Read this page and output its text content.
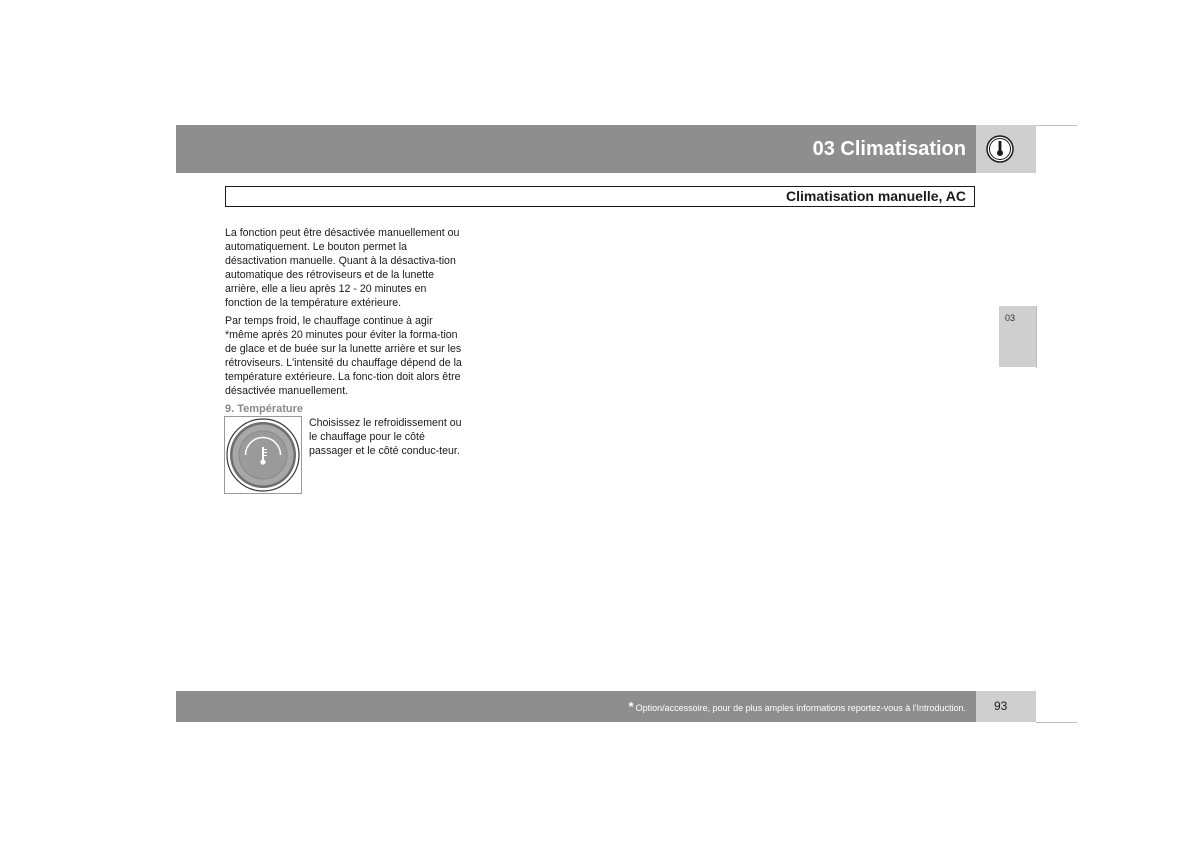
03 Climatisation
Climatisation manuelle, AC

La fonction peut être désactivée manuellement ou automatiquement. Le bouton permet la désactivation manuelle. Quant à la désactiva-tion automatique des rétroviseurs et de la lunette arrière, elle a lieu après 12 - 20 minutes en fonction de la température extérieure.

Par temps froid, le chauffage continue à agir *même après 20 minutes pour éviter la forma-tion de glace et de buée sur la lunette arrière et sur les rétroviseurs. L'intensité du chauffage dépend de la température extérieure. La fonc-tion doit alors être désactivée manuellement.

9. Température

Choisissez le refroidissement ou le chauffage pour le côté passager et le côté conduc-teur.

03
* Option/accessoire, pour de plus amples informations reportez-vous à l'Introduction. 93
